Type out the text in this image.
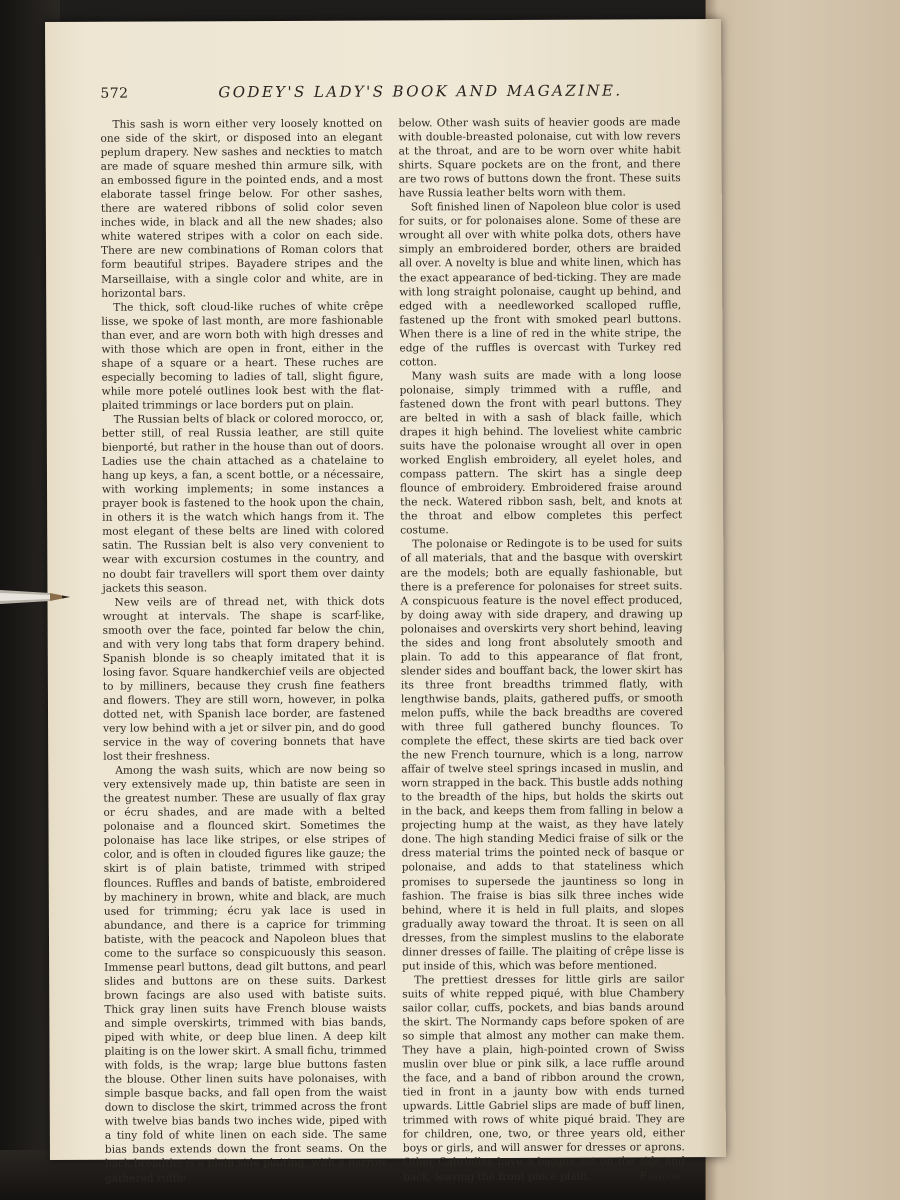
572	GODEY'S LADY'S BOOK AND MAGAZINE.

This sash is worn either very loosely knotted on one side of the skirt, or disposed into an elegant peplum drapery. New sashes and neckties to match are made of square meshed thin armure silk, with an embossed figure in the pointed ends, and a most elaborate tassel fringe below. For other sashes, there are watered ribbons of solid color seven inches wide, in black and all the new shades; also white watered stripes with a color on each side. There are new combinations of Roman colors that form beautiful stripes. Bayadere stripes and the Marseillaise, with a single color and white, are in horizontal bars.

The thick, soft cloud-like ruches of white crêpe lisse, we spoke of last month, are more fashionable than ever, and are worn both with high dresses and with those which are open in front, either in the shape of a square or a heart. These ruches are especially becoming to ladies of tall, slight figure, while more potelé outlines look best with the flat-plaited trimmings or lace borders put on plain.

The Russian belts of black or colored morocco, or, better still, of real Russia leather, are still quite bienporté, but rather in the house than out of doors. Ladies use the chain attached as a chatelaine to hang up keys, a fan, a scent bottle, or a nécessaire, with working implements; in some instances a prayer book is fastened to the hook upon the chain, in others it is the watch which hangs from it. The most elegant of these belts are lined with colored satin. The Russian belt is also very convenient to wear with excursion costumes in the country, and no doubt fair travellers will sport them over dainty jackets this season.

New veils are of thread net, with thick dots wrought at intervals. The shape is scarf-like, smooth over the face, pointed far below the chin, and with very long tabs that form drapery behind. Spanish blonde is so cheaply imitated that it is losing favor. Square handkerchief veils are objected to by milliners, because they crush fine feathers and flowers. They are still worn, however, in polka dotted net, with Spanish lace border, are fastened very low behind with a jet or silver pin, and do good service in the way of covering bonnets that have lost their freshness.

Among the wash suits, which are now being so very extensively made up, thin batiste are seen in the greatest number. These are usually of flax gray or écru shades, and are made with a belted polonaise and a flounced skirt. Sometimes the polonaise has lace like stripes, or else stripes of color, and is often in clouded figures like gauze; the skirt is of plain batiste, trimmed with striped flounces. Ruffles and bands of batiste, embroidered by machinery in brown, white and black, are much used for trimming; écru yak lace is used in abundance, and there is a caprice for trimming batiste, with the peacock and Napoleon blues that come to the surface so conspicuously this season. Immense pearl buttons, dead gilt buttons, and pearl slides and buttons are on these suits. Darkest brown facings are also used with batiste suits. Thick gray linen suits have French blouse waists and simple overskirts, trimmed with bias bands, piped with white, or deep blue linen. A deep kilt plaiting is on the lower skirt. A small fichu, trimmed with folds, is the wrap; large blue buttons fasten the blouse. Other linen suits have polonaises, with simple basque backs, and fall open from the waist down to disclose the skirt, trimmed across the front with twelve bias bands two inches wide, piped with a tiny fold of white linen on each side. The same bias bands extends down the front seams. On the back breadths is a plain side plaiting, with a narrow gathered ruffle

below. Other wash suits of heavier goods are made with double-breasted polonaise, cut with low revers at the throat, and are to be worn over white habit shirts. Square pockets are on the front, and there are two rows of buttons down the front. These suits have Russia leather belts worn with them.

Soft finished linen of Napoleon blue color is used for suits, or for polonaises alone. Some of these are wrought all over with white polka dots, others have simply an embroidered border, others are braided all over. A novelty is blue and white linen, which has the exact appearance of bed-ticking. They are made with long straight polonaise, caught up behind, and edged with a needleworked scalloped ruffle, fastened up the front with smoked pearl buttons. When there is a line of red in the white stripe, the edge of the ruffles is overcast with Turkey red cotton.

Many wash suits are made with a long loose polonaise, simply trimmed with a ruffle, and fastened down the front with pearl buttons. They are belted in with a sash of black faille, which drapes it high behind. The loveliest white cambric suits have the polonaise wrought all over in open worked English embroidery, all eyelet holes, and compass pattern. The skirt has a single deep flounce of embroidery. Embroidered fraise around the neck. Watered ribbon sash, belt, and knots at the throat and elbow completes this perfect costume.

The polonaise or Redingote is to be used for suits of all materials, that and the basque with overskirt are the models; both are equally fashionable, but there is a preference for polonaises for street suits. A conspicuous feature is the novel effect produced, by doing away with side drapery, and drawing up polonaises and overskirts very short behind, leaving the sides and long front absolutely smooth and plain. To add to this appearance of flat front, slender sides and bouffant back, the lower skirt has its three front breadths trimmed flatly, with lengthwise bands, plaits, gathered puffs, or smooth melon puffs, while the back breadths are covered with three full gathered bunchy flounces. To complete the effect, these skirts are tied back over the new French tournure, which is a long, narrow affair of twelve steel springs incased in muslin, and worn strapped in the back. This bustle adds nothing to the breadth of the hips, but holds the skirts out in the back, and keeps them from falling in below a projecting hump at the waist, as they have lately done. The high standing Medici fraise of silk or the dress material trims the pointed neck of basque or polonaise, and adds to that stateliness which promises to supersede the jauntiness so long in fashion. The fraise is bias silk three inches wide behind, where it is held in full plaits, and slopes gradually away toward the throat. It is seen on all dresses, from the simplest muslins to the elaborate dinner dresses of faille. The plaiting of crêpe lisse is put inside of this, which was before mentioned.

The prettiest dresses for little girls are sailor suits of white repped piqué, with blue Chambery sailor collar, cuffs, pockets, and bias bands around the skirt. The Normandy caps before spoken of are so simple that almost any mother can make them. They have a plain, high-pointed crown of Swiss muslin over blue or pink silk, a lace ruffle around the face, and a band of ribbon around the crown, tied in front in a jaunty bow with ends turned upwards. Little Gabriel slips are made of buff linen, trimmed with rows of white piqué braid. They are for children, one, two, or three years old, either boys or girls, and will answer for dresses or aprons. Other Gabrielles have a basque set on the side and back, leaving the front piece plain.	Fashion.
